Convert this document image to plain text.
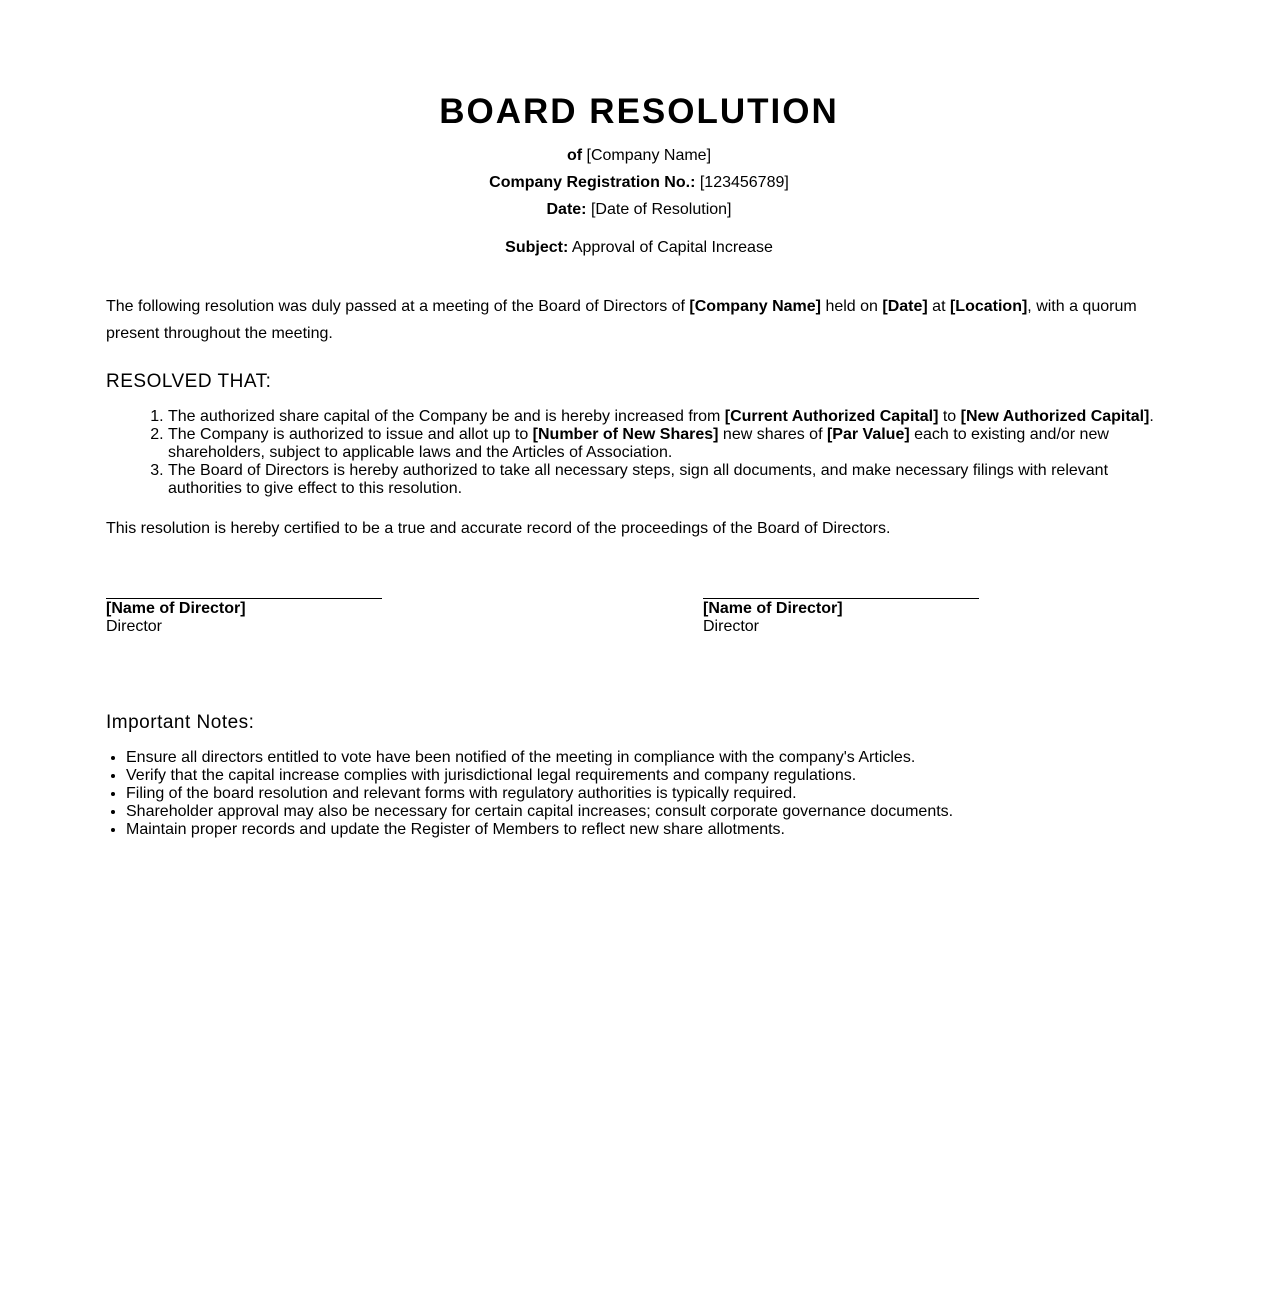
BOARD RESOLUTION

of [Company Name]

Company Registration No.: [123456789]

Date: [Date of Resolution]

Subject: Approval of Capital Increase

The following resolution was duly passed at a meeting of the Board of Directors of [Company Name] held on [Date] at [Location], with a quorum present throughout the meeting.

RESOLVED THAT:
1. The authorized share capital of the Company be and is hereby increased from [Current Authorized Capital] to [New Authorized Capital].
2. The Company is authorized to issue and allot up to [Number of New Shares] new shares of [Par Value] each to existing and/or new shareholders, subject to applicable laws and the Articles of Association.
3. The Board of Directors is hereby authorized to take all necessary steps, sign all documents, and make necessary filings with relevant authorities to give effect to this resolution.

This resolution is hereby certified to be a true and accurate record of the proceedings of the Board of Directors.

[Name of Director]
Director
[Name of Director]
Director
Important Notes:
• Ensure all directors entitled to vote have been notified of the meeting in compliance with the company's Articles.
• Verify that the capital increase complies with jurisdictional legal requirements and company regulations.
• Filing of the board resolution and relevant forms with regulatory authorities is typically required.
• Shareholder approval may also be necessary for certain capital increases; consult corporate governance documents.
• Maintain proper records and update the Register of Members to reflect new share allotments.
